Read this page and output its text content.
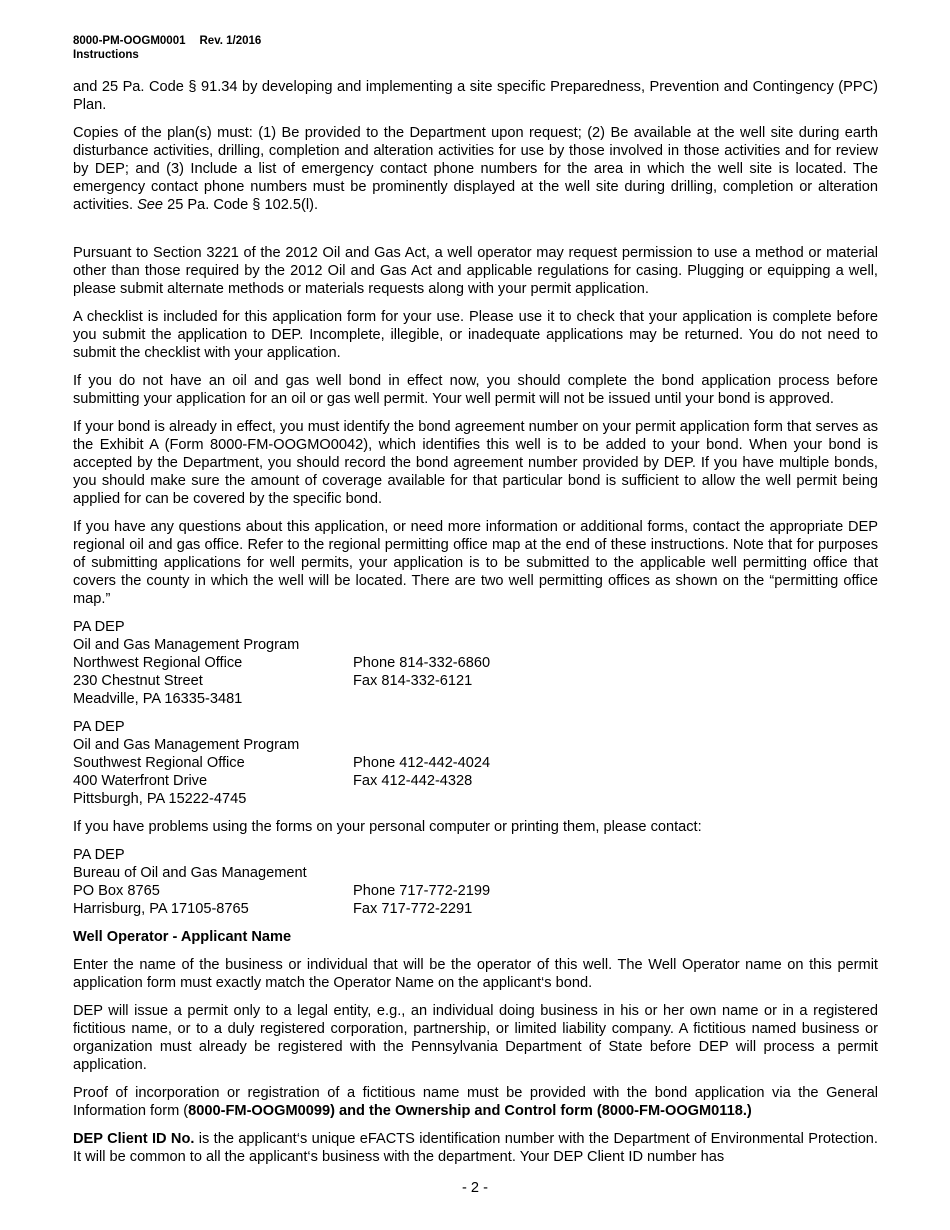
8000-PM-OOGM0001 Rev. 1/2016
Instructions

and 25 Pa. Code § 91.34 by developing and implementing a site specific Preparedness, Prevention and Contingency (PPC) Plan.

Copies of the plan(s) must: (1) Be provided to the Department upon request; (2) Be available at the well site during earth disturbance activities, drilling, completion and alteration activities for use by those involved in those activities and for review by DEP; and (3) Include a list of emergency contact phone numbers for the area in which the well site is located. The emergency contact phone numbers must be prominently displayed at the well site during drilling, completion or alteration activities. See 25 Pa. Code § 102.5(l).

Pursuant to Section 3221 of the 2012 Oil and Gas Act, a well operator may request permission to use a method or material other than those required by the 2012 Oil and Gas Act and applicable regulations for casing. Plugging or equipping a well, please submit alternate methods or materials requests along with your permit application.

A checklist is included for this application form for your use. Please use it to check that your application is complete before you submit the application to DEP. Incomplete, illegible, or inadequate applications may be returned. You do not need to submit the checklist with your application.

If you do not have an oil and gas well bond in effect now, you should complete the bond application process before submitting your application for an oil or gas well permit. Your well permit will not be issued until your bond is approved.

If your bond is already in effect, you must identify the bond agreement number on your permit application form that serves as the Exhibit A (Form 8000-FM-OOGMO0042), which identifies this well is to be added to your bond. When your bond is accepted by the Department, you should record the bond agreement number provided by DEP. If you have multiple bonds, you should make sure the amount of coverage available for that particular bond is sufficient to allow the well permit being applied for can be covered by the specific bond.

If you have any questions about this application, or need more information or additional forms, contact the appropriate DEP regional oil and gas office. Refer to the regional permitting office map at the end of these instructions. Note that for purposes of submitting applications for well permits, your application is to be submitted to the applicable well permitting office that covers the county in which the well will be located. There are two well permitting offices as shown on the “permitting office map.”

PA DEP
Oil and Gas Management Program
Northwest Regional Office	Phone 814-332-6860
230 Chestnut Street	Fax 814-332-6121
Meadville, PA 16335-3481
PA DEP
Oil and Gas Management Program
Southwest Regional Office	Phone 412-442-4024
400 Waterfront Drive	Fax 412-442-4328
Pittsburgh, PA 15222-4745

If you have problems using the forms on your personal computer or printing them, please contact:

PA DEP
Bureau of Oil and Gas Management
PO Box 8765	Phone 717-772-2199
Harrisburg, PA 17105-8765	Fax 717-772-2291
Well Operator - Applicant Name

Enter the name of the business or individual that will be the operator of this well. The Well Operator name on this permit application form must exactly match the Operator Name on the applicant‘s bond.

DEP will issue a permit only to a legal entity, e.g., an individual doing business in his or her own name or in a registered fictitious name, or to a duly registered corporation, partnership, or limited liability company. A fictitious named business or organization must already be registered with the Pennsylvania Department of State before DEP will process a permit application.

Proof of incorporation or registration of a fictitious name must be provided with the bond application via the General Information form (8000-FM-OOGM0099) and the Ownership and Control form (8000-FM-OOGM0118.)

DEP Client ID No. is the applicant‘s unique eFACTS identification number with the Department of Environmental Protection. It will be common to all the applicant‘s business with the department. Your DEP Client ID number has

- 2 -
